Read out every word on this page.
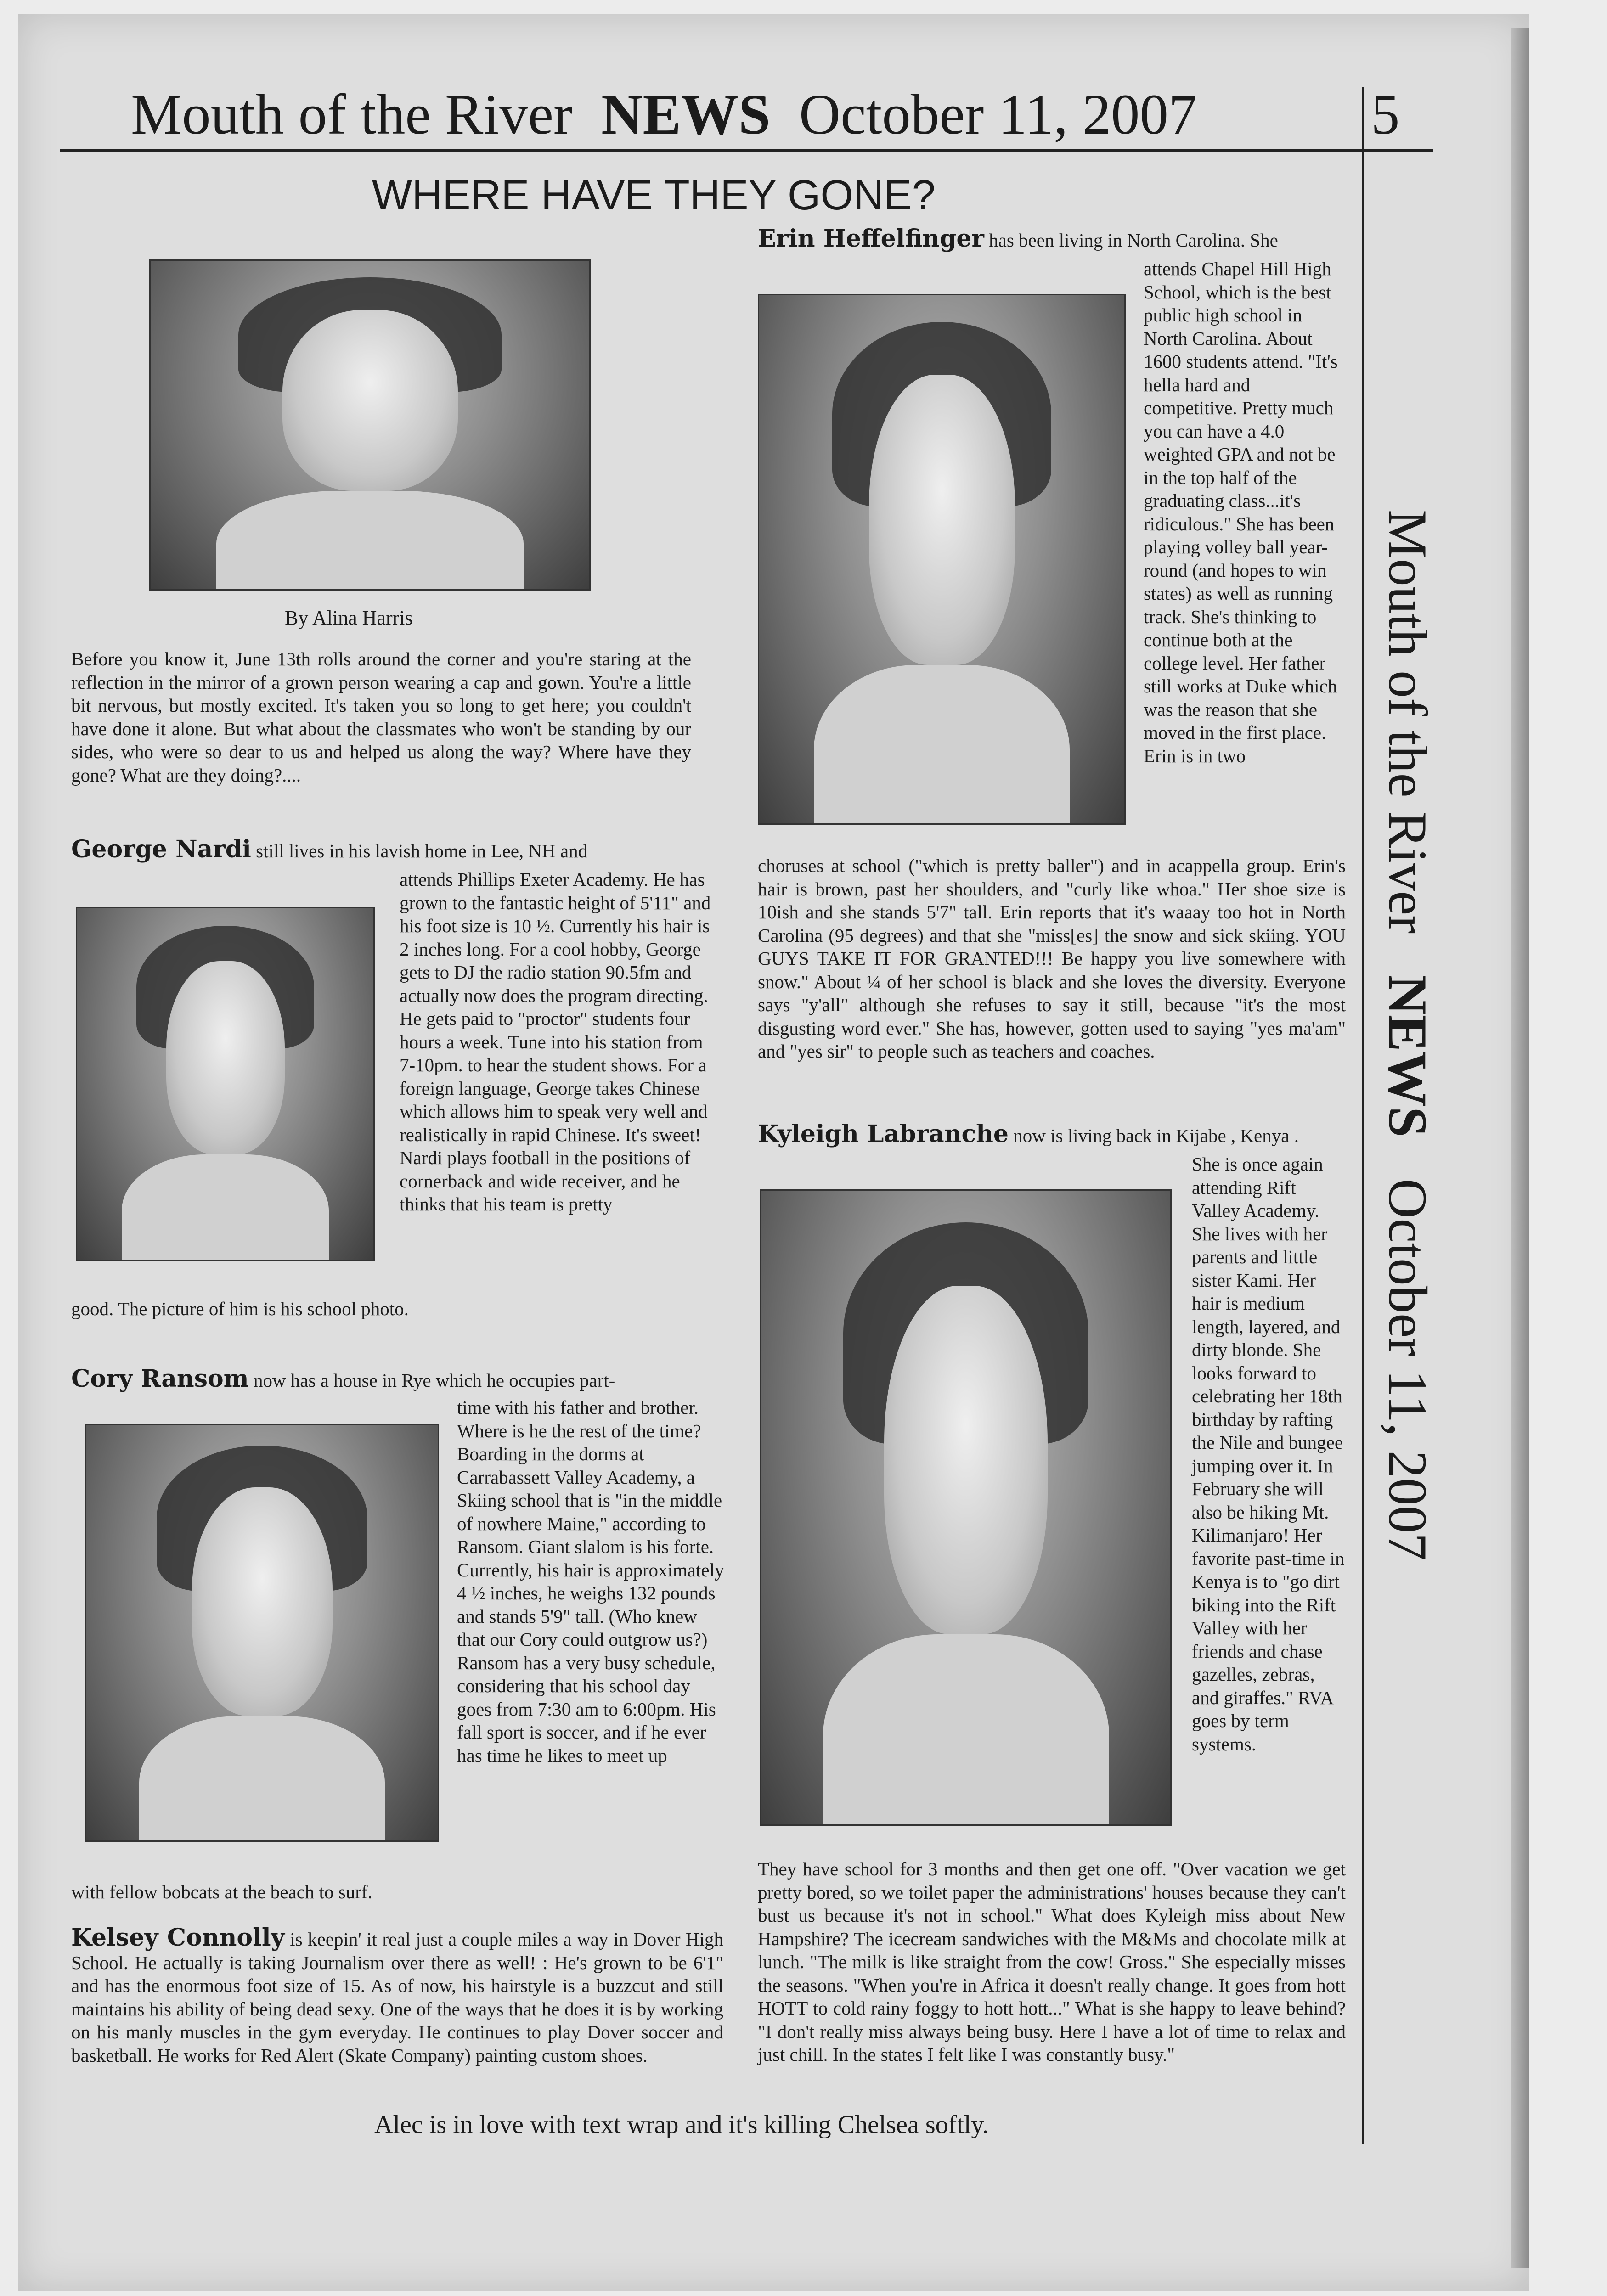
Mouth of the River NEWS October 11, 2007	5
WHERE HAVE THEY GONE?
Mouth of the River   NEWS   October 11, 2007
By Alina Harris
Before you know it, June 13th rolls around the corner and you're staring at the reflection in the mirror of a grown person wearing a cap and gown. You're a little bit nervous, but mostly excited. It's taken you so long to get here; you couldn't have done it alone. But what about the classmates who won't be standing by our sides, who were so dear to us and helped us along the way? Where have they gone? What are they doing?....
George Nardi still lives in his lavish home in Lee, NH and
attends Phillips Exeter Academy. He has grown to the fantastic height of 5'11" and his foot size is 10 ½. Currently his hair is 2 inches long. For a cool hobby, George gets to DJ the radio station 90.5fm and actually now does the program directing. He gets paid to "proctor" students four hours a week. Tune into his station from 7-10pm. to hear the student shows. For a foreign language, George takes Chinese which allows him to speak very well and realistically in rapid Chinese. It's sweet! Nardi plays football in the positions of cornerback and wide receiver, and he thinks that his team is pretty
good. The picture of him is his school photo.
Cory Ransom now has a house in Rye which he occupies part-
time with his father and brother. Where is he the rest of the time? Boarding in the dorms at Carrabassett Valley Academy, a Skiing school that is "in the middle of nowhere Maine," according to Ransom. Giant slalom is his forte. Currently, his hair is approximately 4 ½ inches, he weighs 132 pounds and stands 5'9" tall. (Who knew that our Cory could outgrow us?) Ransom has a very busy schedule, considering that his school day goes from 7:30 am to 6:00pm. His fall sport is soccer, and if he ever has time he likes to meet up
with fellow bobcats at the beach to surf.
Kelsey Connolly is keepin' it real just a couple miles a way in Dover High School. He actually is taking Journalism over there as well! : He's grown to be 6'1" and has the enormous foot size of 15. As of now, his hairstyle is a buzzcut and still maintains his ability of being dead sexy. One of the ways that he does it is by working on his manly muscles in the gym everyday. He continues to play Dover soccer and basketball. He works for Red Alert (Skate Company) painting custom shoes.
Erin Heffelfinger has been living in North Carolina. She
attends Chapel Hill High School, which is the best public high school in North Carolina. About 1600 students attend. "It's hella hard and competitive. Pretty much you can have a 4.0 weighted GPA and not be in the top half of the graduating class...it's ridiculous." She has been playing volley ball year-round (and hopes to win states) as well as running track. She's thinking to continue both at the college level. Her father still works at Duke which was the reason that she moved in the first place. Erin is in two
choruses at school ("which is pretty baller") and in acappella group. Erin's hair is brown, past her shoulders, and "curly like whoa." Her shoe size is 10ish and she stands 5'7" tall. Erin reports that it's waaay too hot in North Carolina (95 degrees) and that she "miss[es] the snow and sick skiing. YOU GUYS TAKE IT FOR GRANTED!!! Be happy you live somewhere with snow." About ¼ of her school is black and she loves the diversity. Everyone says "y'all" although she refuses to say it still, because "it's the most disgusting word ever." She has, however, gotten used to saying "yes ma'am" and "yes sir" to people such as teachers and coaches.
Kyleigh Labranche now is living back in Kijabe , Kenya .
She is once again attending Rift Valley Academy. She lives with her parents and little sister Kami. Her hair is medium length, layered, and dirty blonde. She looks forward to celebrating her 18th birthday by rafting the Nile and bungee jumping over it. In February she will also be hiking Mt. Kilimanjaro! Her favorite past-time in Kenya is to "go dirt biking into the Rift Valley with her friends and chase gazelles, zebras, and giraffes." RVA goes by term systems.
They have school for 3 months and then get one off. "Over vacation we get pretty bored, so we toilet paper the administrations' houses because they can't bust us because it's not in school." What does Kyleigh miss about New Hampshire? The icecream sandwiches with the M&Ms and chocolate milk at lunch. "The milk is like straight from the cow! Gross." She especially misses the seasons. "When you're in Africa it doesn't really change. It goes from hott HOTT to cold rainy foggy to hott hott..." What is she happy to leave behind? "I don't really miss always being busy. Here I have a lot of time to relax and just chill. In the states I felt like I was constantly busy."
Alec is in love with text wrap and it's killing Chelsea softly.
